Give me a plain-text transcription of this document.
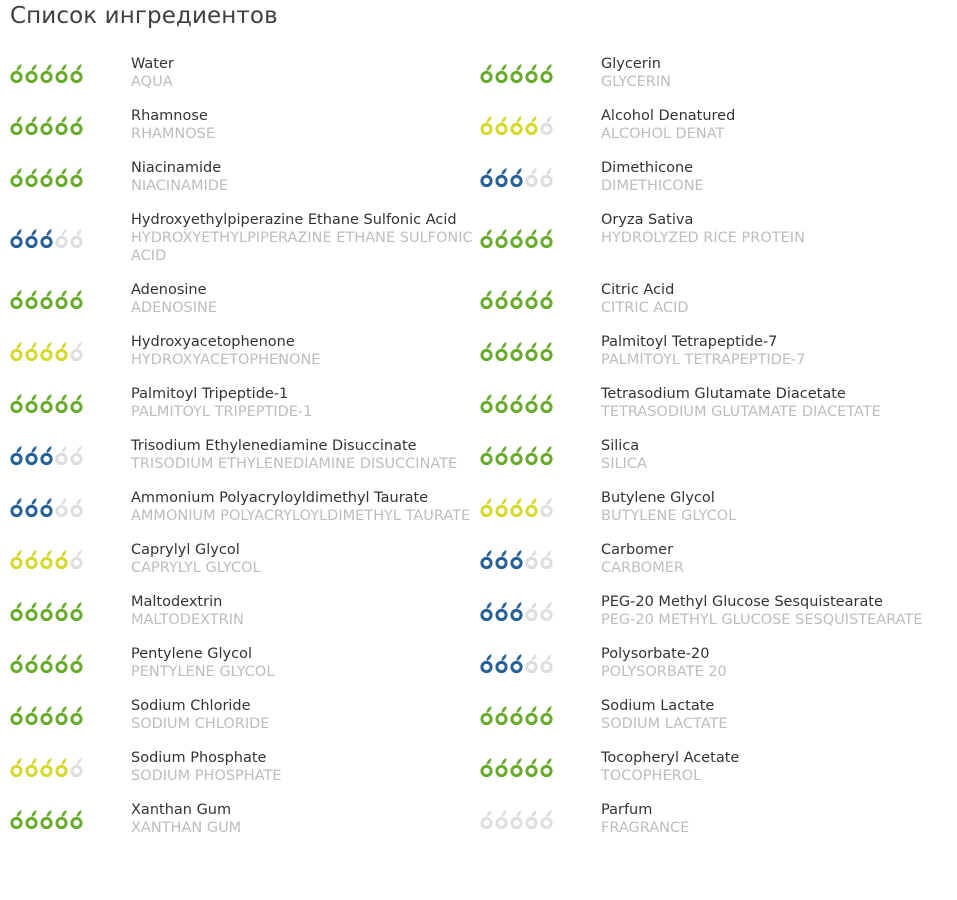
Список ингредиентов
Water
AQUA
Rhamnose
RHAMNOSE
Niacinamide
NIACINAMIDE
Hydroxyethylpiperazine Ethane Sulfonic Acid
HYDROXYETHYLPIPERAZINE ETHANE SULFONIC ACID
Adenosine
ADENOSINE
Hydroxyacetophenone
HYDROXYACETOPHENONE
Palmitoyl Tripeptide-1
PALMITOYL TRIPEPTIDE-1
Trisodium Ethylenediamine Disuccinate
TRISODIUM ETHYLENEDIAMINE DISUCCINATE
Ammonium Polyacryloyldimethyl Taurate
AMMONIUM POLYACRYLOYLDIMETHYL TAURATE
Caprylyl Glycol
CAPRYLYL GLYCOL
Maltodextrin
MALTODEXTRIN
Pentylene Glycol
PENTYLENE GLYCOL
Sodium Chloride
SODIUM CHLORIDE
Sodium Phosphate
SODIUM PHOSPHATE
Xanthan Gum
XANTHAN GUM
Glycerin
GLYCERIN
Alcohol Denatured
ALCOHOL DENAT
Dimethicone
DIMETHICONE
Oryza Sativa
HYDROLYZED RICE PROTEIN
Citric Acid
CITRIC ACID
Palmitoyl Tetrapeptide-7
PALMITOYL TETRAPEPTIDE-7
Tetrasodium Glutamate Diacetate
TETRASODIUM GLUTAMATE DIACETATE
Silica
SILICA
Butylene Glycol
BUTYLENE GLYCOL
Carbomer
CARBOMER
PEG-20 Methyl Glucose Sesquistearate
PEG-20 METHYL GLUCOSE SESQUISTEARATE
Polysorbate-20
POLYSORBATE 20
Sodium Lactate
SODIUM LACTATE
Tocopheryl Acetate
TOCOPHEROL
Parfum
FRAGRANCE
